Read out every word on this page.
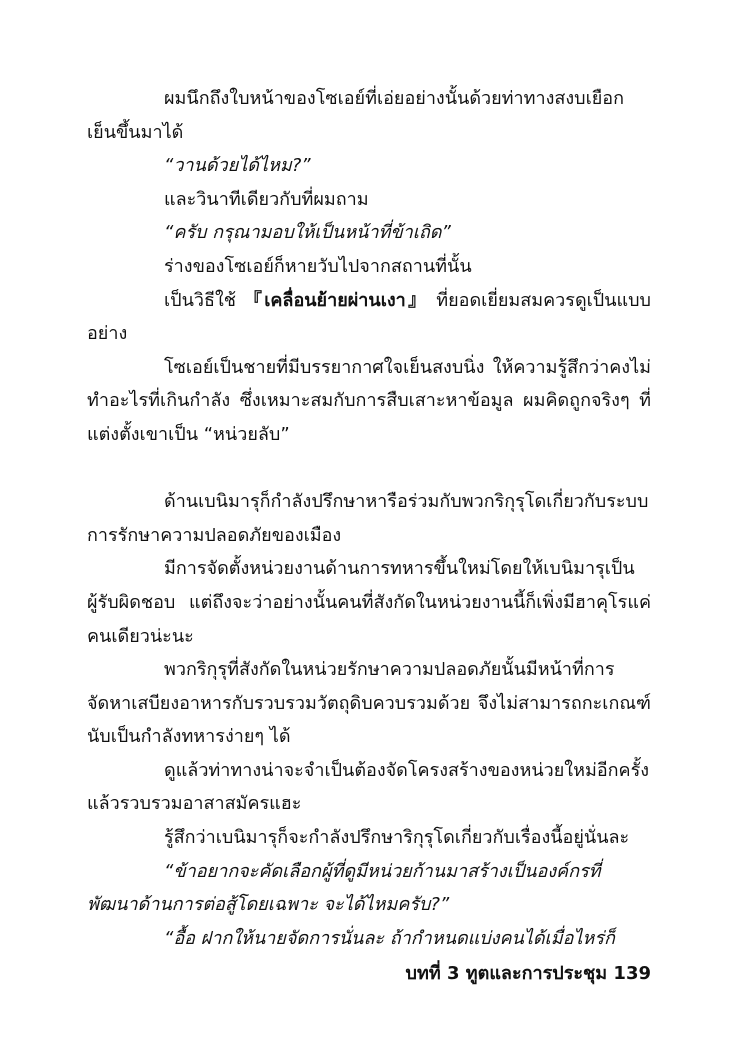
ผมนึกถึงใบหน้าของโซเอย์ที่เอ่ยอย่างนั้นด้วยท่าทางสงบเยือกเย็นขึ้นมาได้

“วานด้วยได้ไหม?”

และวินาทีเดียวกับที่ผมถาม

“ครับ กรุณามอบให้เป็นหน้าที่ข้าเถิด”

ร่างของโซเอย์ก็หายวับไปจากสถานที่นั้น

เป็นวิธีใช้ 『เคลื่อนย้ายผ่านเงา』 ที่ยอดเยี่ยมสมควรดูเป็นแบบอย่าง

โซเอย์เป็นชายที่มีบรรยากาศใจเย็นสงบนิ่ง ให้ความรู้สึกว่าคงไม่ทำอะไรที่เกินกำลัง ซึ่งเหมาะสมกับการสืบเสาะหาข้อมูล ผมคิดถูกจริงๆ ที่แต่งตั้งเขาเป็น “หน่วยลับ”

ด้านเบนิมารุก็กำลังปรึกษาหารือร่วมกับพวกริกุรุโดเกี่ยวกับระบบการรักษาความปลอดภัยของเมือง

มีการจัดตั้งหน่วยงานด้านการทหารขึ้นใหม่โดยให้เบนิมารุเป็นผู้รับผิดชอบ แต่ถึงจะว่าอย่างนั้นคนที่สังกัดในหน่วยงานนี้ก็เพิ่งมีฮาคุโรแค่คนเดียวน่ะนะ

พวกริกุรุที่สังกัดในหน่วยรักษาความปลอดภัยนั้นมีหน้าที่การจัดหาเสบียงอาหารกับรวบรวมวัตถุดิบควบรวมด้วย จึงไม่สามารถกะเกณฑ์นับเป็นกำลังทหารง่ายๆ ได้

ดูแล้วท่าทางน่าจะจำเป็นต้องจัดโครงสร้างของหน่วยใหม่อีกครั้งแล้วรวบรวมอาสาสมัครแฮะ

รู้สึกว่าเบนิมารุก็จะกำลังปรึกษาริกุรุโดเกี่ยวกับเรื่องนี้อยู่นั่นละ

“ข้าอยากจะคัดเลือกผู้ที่ดูมีหน่วยก้านมาสร้างเป็นองค์กรที่พัฒนาด้านการต่อสู้โดยเฉพาะ จะได้ไหมครับ?”

“อื้อ ฝากให้นายจัดการนั่นละ ถ้ากำหนดแบ่งคนได้เมื่อไหร่ก็

บทที่ 3 ทูตและการประชุม 139
